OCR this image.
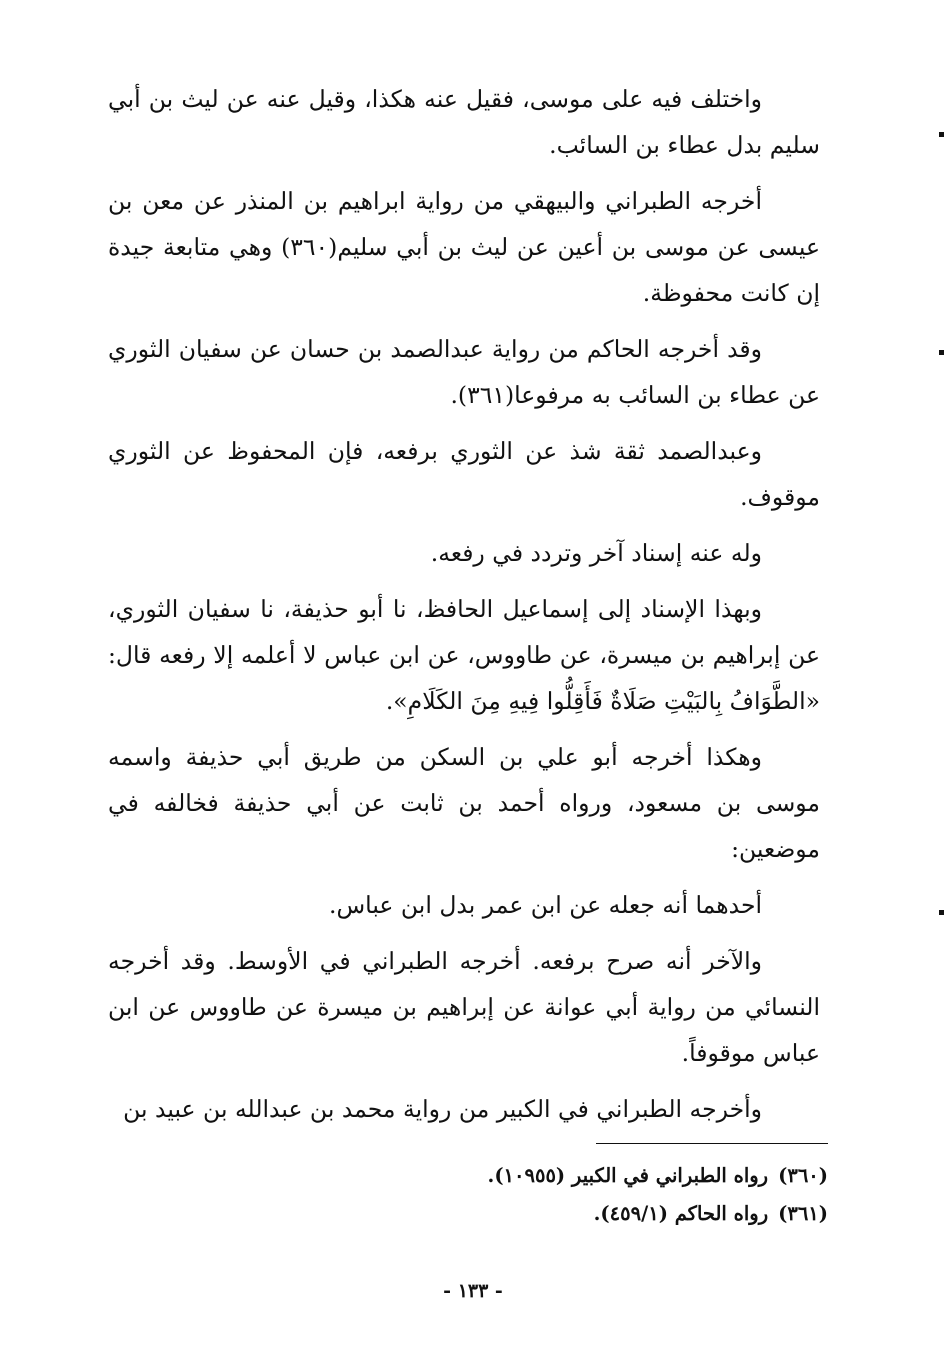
واختلف فيه على موسى، فقيل عنه هكذا، وقيل عنه عن ليث بن أبي سليم بدل عطاء بن السائب.

أخرجه الطبراني والبيهقي من رواية ابراهيم بن المنذر عن معن بن عيسى عن موسى بن أعين عن ليث بن أبي سليم(٣٦٠) وهي متابعة جيدة إن كانت محفوظة.

وقد أخرجه الحاكم من رواية عبدالصمد بن حسان عن سفيان الثوري عن عطاء بن السائب به مرفوعا(٣٦١).

وعبدالصمد ثقة شذ عن الثوري برفعه، فإن المحفوظ عن الثوري موقوف.

وله عنه إسناد آخر وتردد في رفعه.

وبهذا الإسناد إلى إسماعيل الحافظ، نا أبو حذيفة، نا سفيان الثوري، عن إبراهيم بن ميسرة، عن طاووس، عن ابن عباس لا أعلمه إلا رفعه قال: «الطَّوَافُ بِالبَيْتِ صَلَاةٌ فَأَقِلُّوا فِيهِ مِنَ الكَلَامِ».

وهكذا أخرجه أبو علي بن السكن من طريق أبي حذيفة واسمه موسى بن مسعود، ورواه أحمد بن ثابت عن أبي حذيفة فخالفه في موضعين:

أحدهما أنه جعله عن ابن عمر بدل ابن عباس.

والآخر أنه صرح برفعه. أخرجه الطبراني في الأوسط. وقد أخرجه النسائي من رواية أبي عوانة عن إبراهيم بن ميسرة عن طاووس عن ابن عباس موقوفاً.

وأخرجه الطبراني في الكبير من رواية محمد بن عبدالله بن عبيد بن

(٣٦٠)رواه الطبراني في الكبير (١٠٩٥٥).

(٣٦١)رواه الحاكم (٤٥٩/١).

- ١٣٣ -
